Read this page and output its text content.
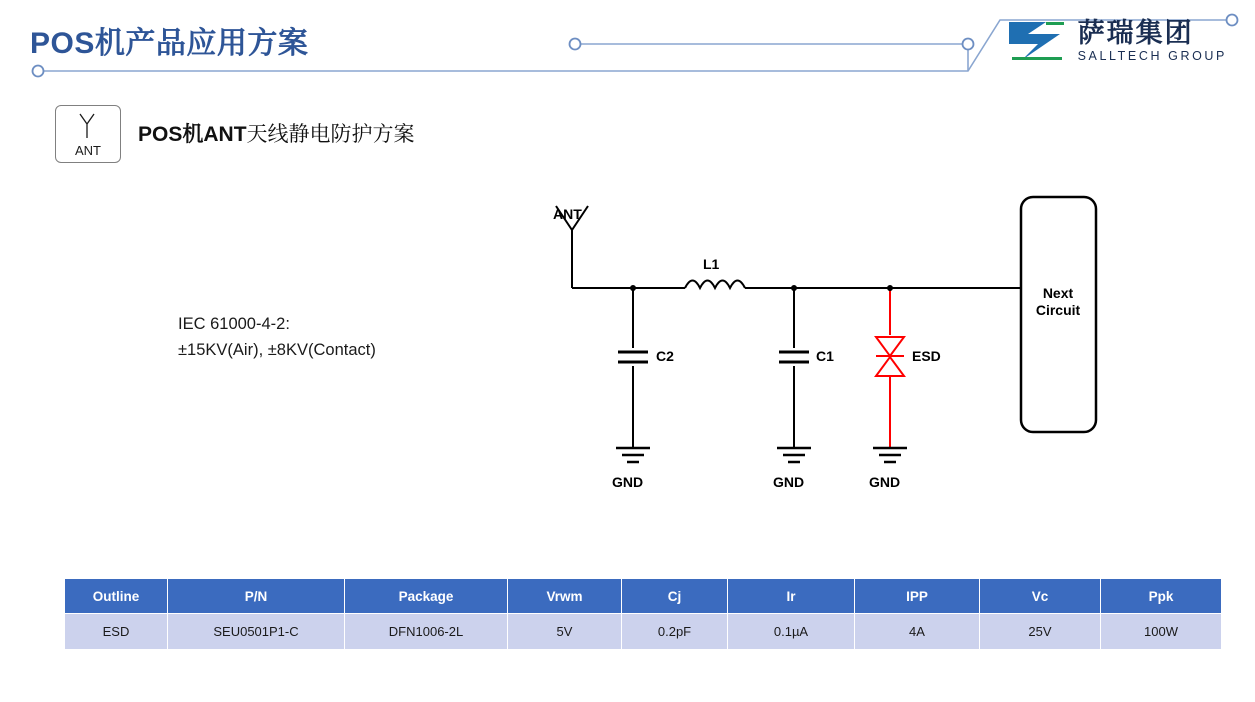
POS机产品应用方案	萨瑞集团
SALLTECH GROUP
ANT
POS机ANT天线静电防护方案
IEC 61000-4-2:
±15KV(Air), ±8KV(Contact)
ANT
L1
C2	C1	ESD
GND	GND	GND
Next
Circuit
Outline	P/N	Package	Vrwm	Cj	Ir	IPP	Vc	Ppk
ESD	SEU0501P1-C	DFN1006-2L	5V	0.2pF	0.1µA	4A	25V	100W
